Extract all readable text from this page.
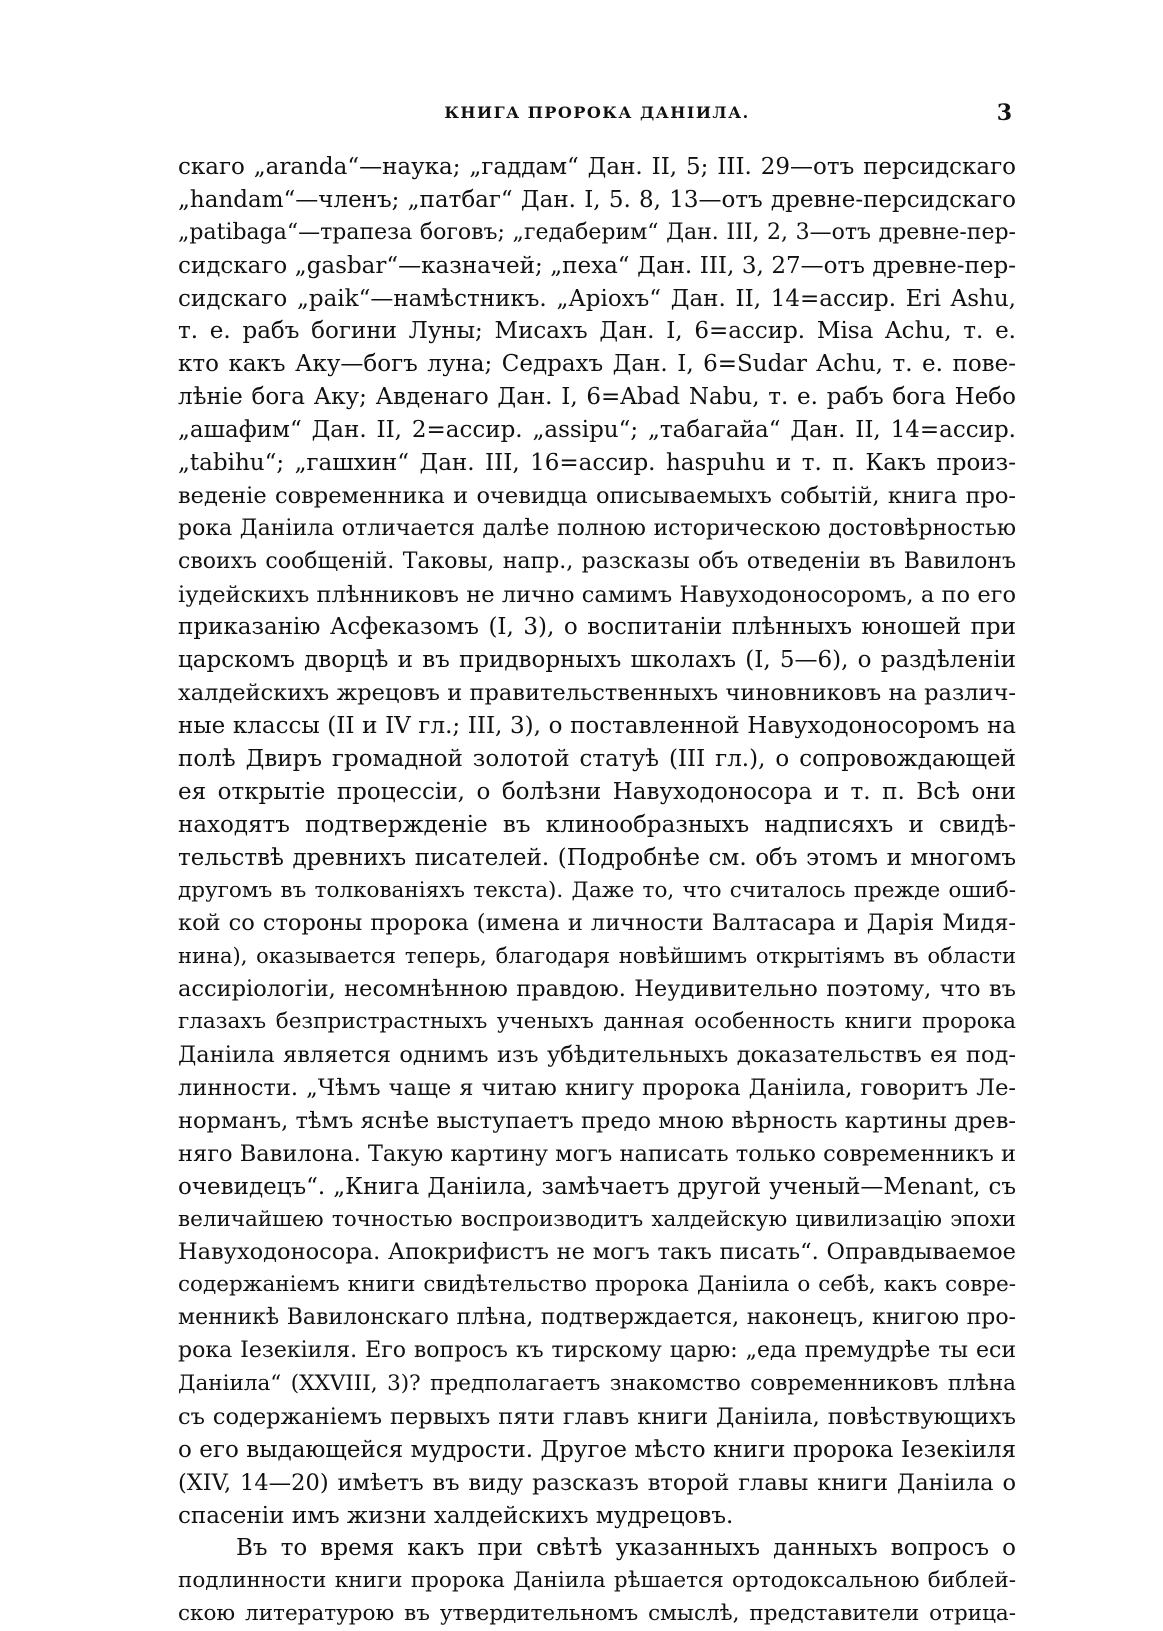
КНИГА ПРОРОКА ДАНIИЛА.	3
скаго „aranda“—наука; „гаддам“ Дан. II, 5; III. 29—отъ персидскаго
„handam“—членъ; „патбаг“ Дан. I, 5. 8, 13—отъ древне-персидскаго
„patibaga“—трапеза боговъ; „гедаберим“ Дан. III, 2, 3—отъ древне-пер-
сидскаго „gasbar“—казначей; „пеха“ Дан. III, 3, 27—отъ древне-пер-
сидскаго „paik“—намѣстникъ. „Аріохъ“ Дан. II, 14=ассир. Eri Ashu,
т. е. рабъ богини Луны; Мисахъ Дан. I, 6=ассир. Misa Achu, т. е.
кто какъ Аку—богъ луна; Седрахъ Дан. I, 6=Sudar Achu, т. е. пове-
лѣніе бога Аку; Авденаго Дан. I, 6=Abad Nabu, т. е. рабъ бога Небо
„ашафим“ Дан. II, 2=ассир. „assipu“; „табагайа“ Дан. II, 14=ассир.
„tabihu“; „гашхин“ Дан. III, 16=ассир. hasрuhu и т. п. Какъ произ-
веденіе современника и очевидца описываемыхъ событій, книга про-
рока Даніила отличается далѣе полною историческою достовѣрностью
своихъ сообщеній. Таковы, напр., разсказы объ отведеніи въ Вавилонъ
іудейскихъ плѣнниковъ не лично самимъ Навуходоносоромъ, а по его
приказанію Асфеказомъ (I, 3), о воспитаніи плѣнныхъ юношей при
царскомъ дворцѣ и въ придворныхъ школахъ (I, 5—6), о раздѣленіи
халдейскихъ жрецовъ и правительственныхъ чиновниковъ на различ-
ные классы (II и IV гл.; III, 3), о поставленной Навуходоносоромъ на
полѣ Двиръ громадной золотой статуѣ (III гл.), о сопровождающей
ея открытіе процессіи, о болѣзни Навуходоносора и т. п. Всѣ они
находятъ подтвержденіе въ клинообразныхъ надписяхъ и свидѣ-
тельствѣ древнихъ писателей. (Подробнѣе см. объ этомъ и многомъ
другомъ въ толкованіяхъ текста). Даже то, что считалось прежде ошиб-
кой со стороны пророка (имена и личности Валтасара и Дарія Мидя-
нина), оказывается теперь, благодаря новѣйшимъ открытіямъ въ области
ассиріологіи, несомнѣнною правдою. Неудивительно поэтому, что въ
глазахъ безпристрастныхъ ученыхъ данная особенность книги пророка
Даніила является однимъ изъ убѣдительныхъ доказательствъ ея под-
линности. „Чѣмъ чаще я читаю книгу пророка Даніила, говоритъ Ле-
норманъ, тѣмъ яснѣе выступаетъ предо мною вѣрность картины древ-
няго Вавилона. Такую картину могъ написать только современникъ и
очевидецъ“. „Книга Даніила, замѣчаетъ другой ученый—Menant, съ
величайшею точностью воспроизводитъ халдейскую цивилизацію эпохи
Навуходоносора. Апокрифистъ не могъ такъ писать“. Оправдываемое
содержаніемъ книги свидѣтельство пророка Даніила о себѣ, какъ совре-
менникѣ Вавилонскаго плѣна, подтверждается, наконецъ, книгою про-
рока Іезекіиля. Его вопросъ къ тирскому царю: „еда премудрѣе ты еси
Даніила“ (XXVIII, 3)? предполагаетъ знакомство современниковъ плѣна
съ содержаніемъ первыхъ пяти главъ книги Даніила, повѣствующихъ
о его выдающейся мудрости. Другое мѣсто книги пророка Іезекіиля
(XIV, 14—20) имѣетъ въ виду разсказъ второй главы книги Даніила о
спасеніи имъ жизни халдейскихъ мудрецовъ.
Въ то время какъ при свѣтѣ указанныхъ данныхъ вопросъ о
подлинности книги пророка Даніила рѣшается ортодоксальною библей-
скою литературою въ утвердительномъ смыслѣ, представители отрица-
